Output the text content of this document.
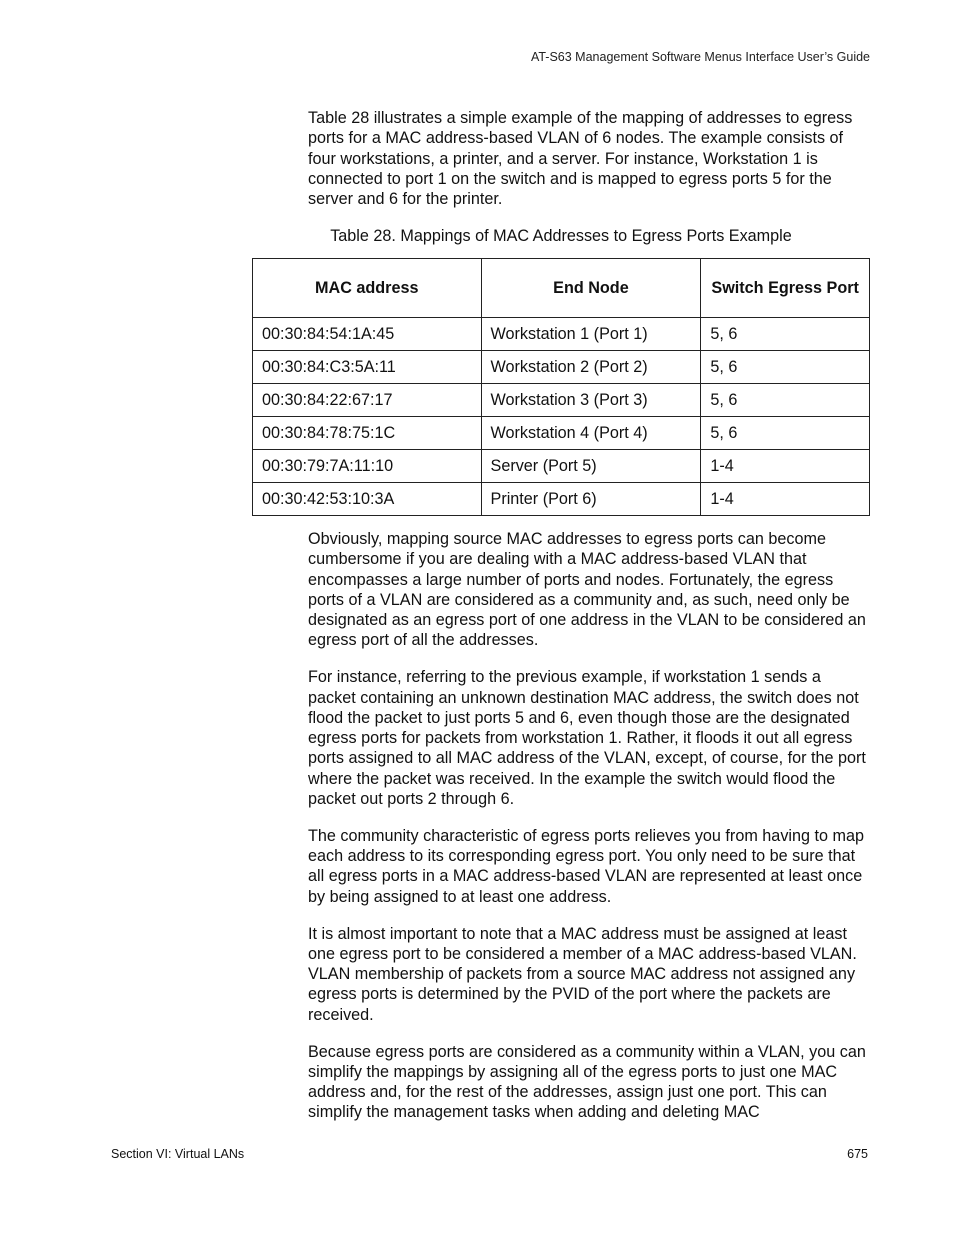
AT-S63 Management Software Menus Interface User’s Guide

Table 28 illustrates a simple example of the mapping of addresses to egress ports for a MAC address-based VLAN of 6 nodes. The example consists of four workstations, a printer, and a server. For instance, Workstation 1 is connected to port 1 on the switch and is mapped to egress ports 5 for the server and 6 for the printer.

Table 28. Mappings of MAC Addresses to Egress Ports Example
MAC address	End Node	Switch Egress Port
00:30:84:54:1A:45	Workstation 1 (Port 1)	5, 6
00:30:84:C3:5A:11	Workstation 2 (Port 2)	5, 6
00:30:84:22:67:17	Workstation 3 (Port 3)	5, 6
00:30:84:78:75:1C	Workstation 4 (Port 4)	5, 6
00:30:79:7A:11:10	Server (Port 5)	1-4
00:30:42:53:10:3A	Printer (Port 6)	1-4

Obviously, mapping source MAC addresses to egress ports can become cumbersome if you are dealing with a MAC address-based VLAN that encompasses a large number of ports and nodes. Fortunately, the egress ports of a VLAN are considered as a community and, as such, need only be designated as an egress port of one address in the VLAN to be considered an egress port of all the addresses.

For instance, referring to the previous example, if workstation 1 sends a packet containing an unknown destination MAC address, the switch does not flood the packet to just ports 5 and 6, even though those are the designated egress ports for packets from workstation 1. Rather, it floods it out all egress ports assigned to all MAC address of the VLAN, except, of course, for the port where the packet was received. In the example the switch would flood the packet out ports 2 through 6.

The community characteristic of egress ports relieves you from having to map each address to its corresponding egress port. You only need to be sure that all egress ports in a MAC address-based VLAN are represented at least once by being assigned to at least one address.

It is almost important to note that a MAC address must be assigned at least one egress port to be considered a member of a MAC address-based VLAN. VLAN membership of packets from a source MAC address not assigned any egress ports is determined by the PVID of the port where the packets are received.

Because egress ports are considered as a community within a VLAN, you can simplify the mappings by assigning all of the egress ports to just one MAC address and, for the rest of the addresses, assign just one port. This can simplify the management tasks when adding and deleting MAC

Section VI: Virtual LANs	675
